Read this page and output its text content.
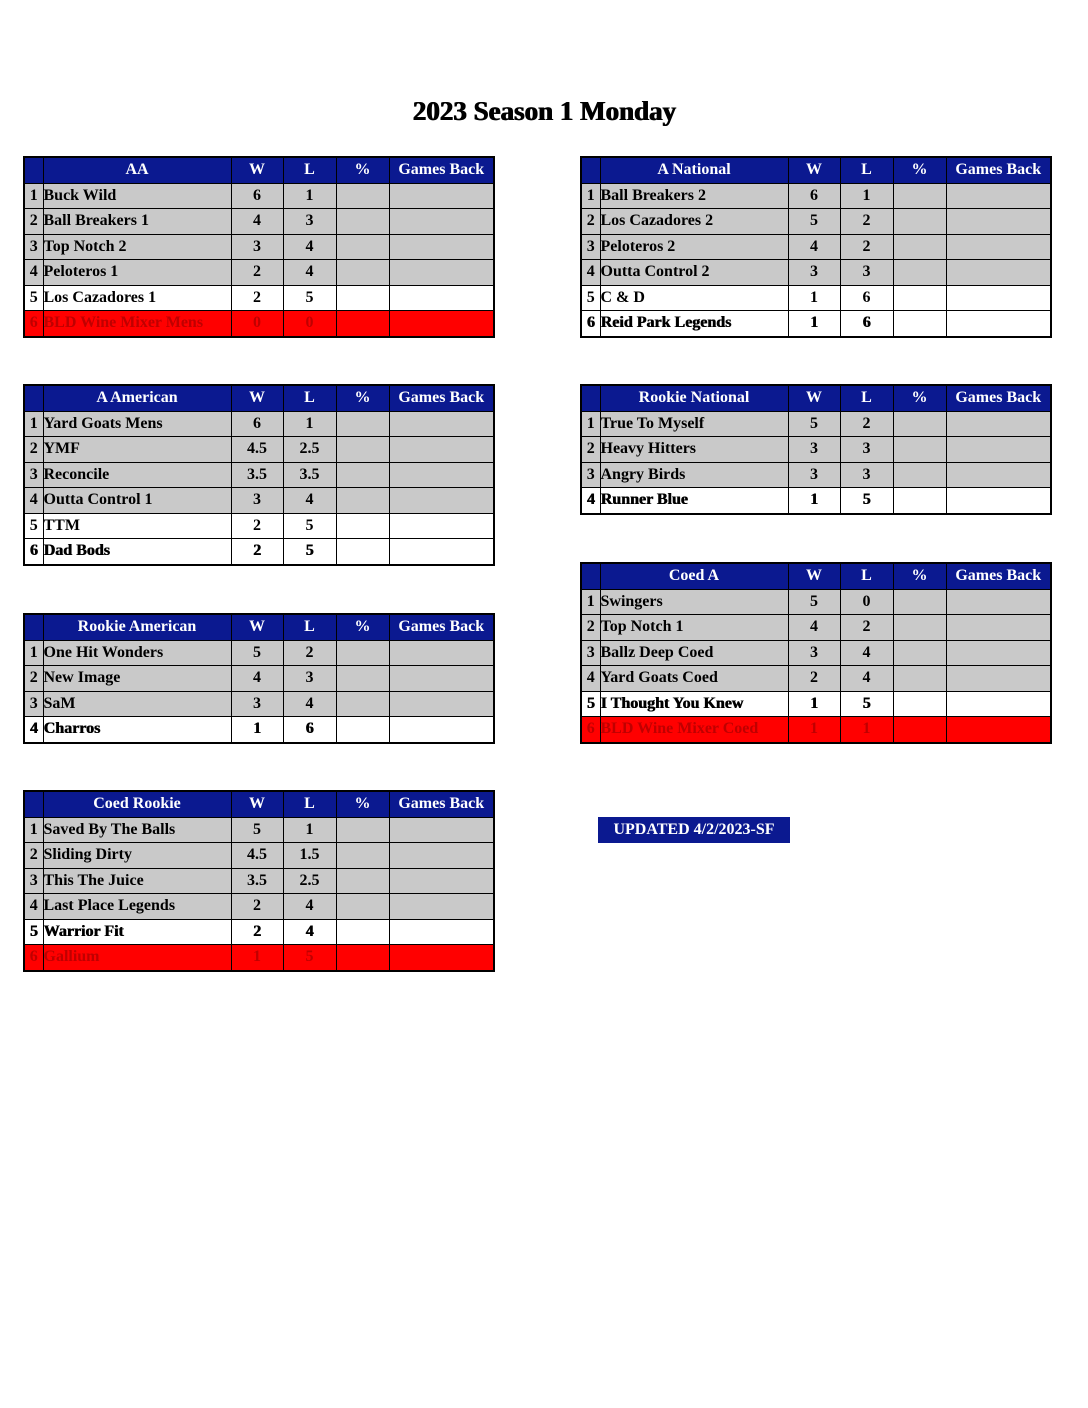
2023 Season 1 Monday
	AA	W	L	%	Games Back
1	Buck Wild	6	1		
2	Ball Breakers 1	4	3		
3	Top Notch 2	3	4		
4	Peloteros 1	2	4		
5	Los Cazadores 1	2	5		
6	BLD Wine Mixer Mens	0	0		
	A National	W	L	%	Games Back
1	Ball Breakers 2	6	1		
2	Los Cazadores 2	5	2		
3	Peloteros 2	4	2		
4	Outta Control 2	3	3		
5	C & D	1	6		
6	Reid Park Legends	1	6		
	A American	W	L	%	Games Back
1	Yard Goats Mens	6	1		
2	YMF	4.5	2.5		
3	Reconcile	3.5	3.5		
4	Outta Control 1	3	4		
5	TTM	2	5		
6	Dad Bods	2	5		
	Rookie National	W	L	%	Games Back
1	True To Myself	5	2		
2	Heavy Hitters	3	3		
3	Angry Birds	3	3		
4	Runner Blue	1	5		
	Coed A	W	L	%	Games Back
1	Swingers	5	0		
2	Top Notch 1	4	2		
3	Ballz Deep Coed	3	4		
4	Yard Goats Coed	2	4		
5	I Thought You Knew	1	5		
6	BLD Wine Mixer Coed	1	1		
	Rookie American	W	L	%	Games Back
1	One Hit Wonders	5	2		
2	New Image	4	3		
3	SaM	3	4		
4	Charros	1	6		
	Coed Rookie	W	L	%	Games Back
1	Saved By The Balls	5	1		
2	Sliding Dirty	4.5	1.5		
3	This The Juice	3.5	2.5		
4	Last Place Legends	2	4		
5	Warrior Fit	2	4		
6	Gallium	1	5		
UPDATED 4/2/2023-SF
